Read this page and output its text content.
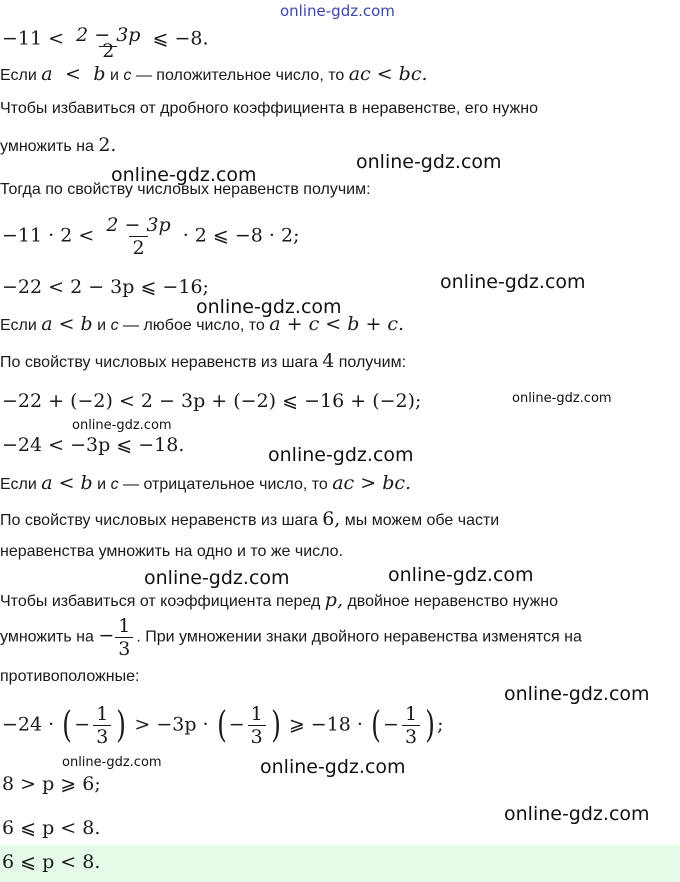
online-gdz.com
$-11 < \frac{2 - 3p}{2}$ ⩽ −8.
Если a < b и c — положительное число, то ac < bc.
Чтобы избавиться от дробного коэффициента в неравенстве, его нужно
умножить на 2.
Тогда по свойству числовых неравенств получим:
$-11 \cdot 2 < \frac{2 - 3p}{2} \cdot 2$ ⩽ −8 · 2;
−22 < 2 − 3p ⩽ −16;
Если a < b и c — любое число, то a + c < b + c.
По свойству числовых неравенств из шага 4 получим:
−22 + (−2) < 2 − 3p + (−2) ⩽ −16 + (−2);
−24 < −3p ⩽ −18.
Если a < b и c — отрицательное число, то ac > bc.
По свойству числовых неравенств из шага 6, мы можем обе части
неравенства умножить на одно и то же число.
Чтобы избавиться от коэффициента перед p, двойное неравенство нужно
умножить на − $\frac{1}{3}$ . При умножении знаки двойного неравенства изменятся на
противоположные:
−24 · ( − $\frac{1}{3}$ ) > −3p · ( − $\frac{1}{3}$ ) ⩾ −18 · ( − $\frac{1}{3}$ ) ;
8 > p ⩾ 6;
6 ⩽ p < 8.
6 ⩽ p < 8.
online-gdz.com
online-gdz.com
online-gdz.com
online-gdz.com
online-gdz.com
online-gdz.com
online-gdz.com
online-gdz.com	online-gdz.com
online-gdz.com
online-gdz.com	online-gdz.com
online-gdz.com
